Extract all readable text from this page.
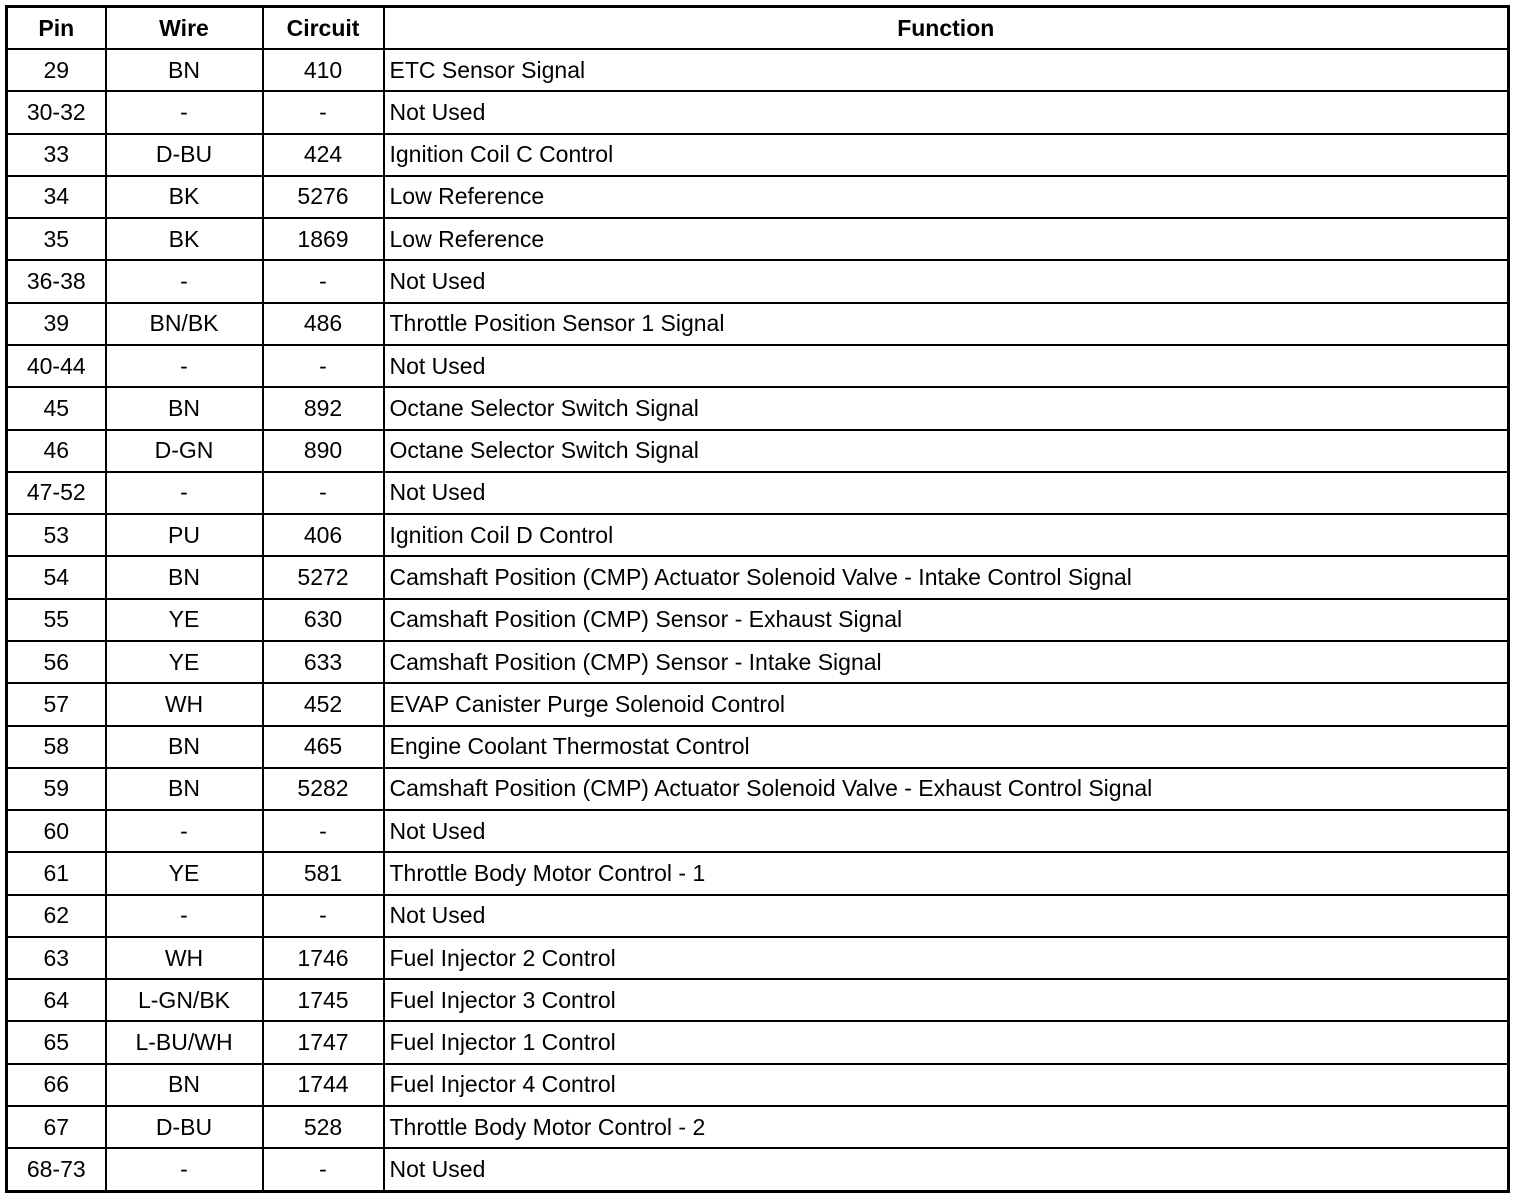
Pin	Wire	Circuit	Function
29	BN	410	ETC Sensor Signal
30-32	-	-	Not Used
33	D-BU	424	Ignition Coil C Control
34	BK	5276	Low Reference
35	BK	1869	Low Reference
36-38	-	-	Not Used
39	BN/BK	486	Throttle Position Sensor 1 Signal
40-44	-	-	Not Used
45	BN	892	Octane Selector Switch Signal
46	D-GN	890	Octane Selector Switch Signal
47-52	-	-	Not Used
53	PU	406	Ignition Coil D Control
54	BN	5272	Camshaft Position (CMP) Actuator Solenoid Valve - Intake Control Signal
55	YE	630	Camshaft Position (CMP) Sensor - Exhaust Signal
56	YE	633	Camshaft Position (CMP) Sensor - Intake Signal
57	WH	452	EVAP Canister Purge Solenoid Control
58	BN	465	Engine Coolant Thermostat Control
59	BN	5282	Camshaft Position (CMP) Actuator Solenoid Valve - Exhaust Control Signal
60	-	-	Not Used
61	YE	581	Throttle Body Motor Control - 1
62	-	-	Not Used
63	WH	1746	Fuel Injector 2 Control
64	L-GN/BK	1745	Fuel Injector 3 Control
65	L-BU/WH	1747	Fuel Injector 1 Control
66	BN	1744	Fuel Injector 4 Control
67	D-BU	528	Throttle Body Motor Control - 2
68-73	-	-	Not Used
